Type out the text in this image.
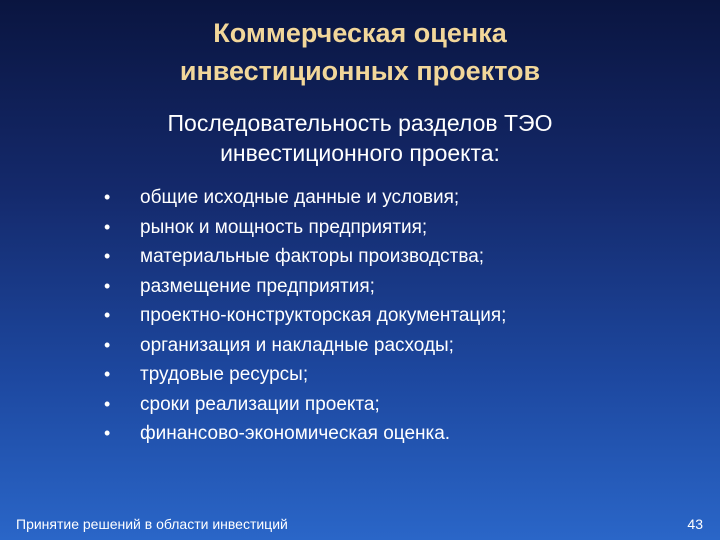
Коммерческая оценка
инвестиционных проектов
Последовательность разделов ТЭО
инвестиционного проекта:
•	общие исходные данные и условия;
•	рынок и мощность предприятия;
•	материальные факторы производства;
•	размещение предприятия;
•	проектно-конструкторская документация;
•	организация и накладные расходы;
•	трудовые ресурсы;
•	сроки реализации проекта;
•	финансово-экономическая оценка.
Принятие решений в области инвестиций	43
